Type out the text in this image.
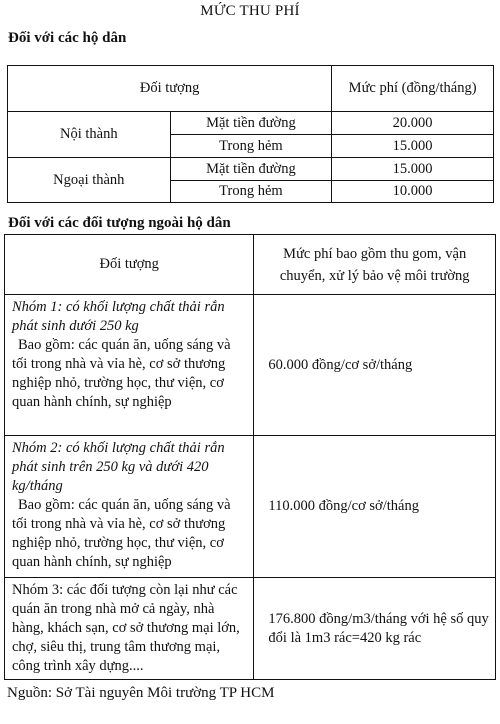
MỨC THU PHÍ
Đối với các hộ dân
Đối tượng		Mức phí (đồng/tháng)
Nội thành	Mặt tiền đường	20.000
	Trong hẻm	15.000
Ngoại thành	Mặt tiền đường	15.000
	Trong hẻm	10.000
Đối với các đối tượng ngoài hộ dân
Đối tượng	Mức phí bao gồm thu gom, vận chuyển, xử lý bảo vệ môi trường

Nhóm 1: có khối lượng chất thải rắn phát sinh dưới 250 kg
Bao gồm: các quán ăn, uống sáng và tối trong nhà và vỉa hè, cơ sở thương nghiệp nhỏ, trường học, thư viện, cơ quan hành chính, sự nghiệp	60.000 đồng/cơ sở/tháng

Nhóm 2: có khối lượng chất thải rắn phát sinh trên 250 kg và dưới 420 kg/tháng
Bao gồm: các quán ăn, uống sáng và tối trong nhà và vỉa hè, cơ sở thương nghiệp nhỏ, trường học, thư viện, cơ quan hành chính, sự nghiệp	110.000 đồng/cơ sở/tháng

Nhóm 3: các đối tượng còn lại như các quán ăn trong nhà mở cả ngày, nhà hàng, khách sạn, cơ sở thương mại lớn, chợ, siêu thị, trung tâm thương mại, công trình xây dựng....	176.800 đồng/m3/tháng với hệ số quy đổi là 1m3 rác=420 kg rác
Nguồn: Sở Tài nguyên Môi trường TP HCM
